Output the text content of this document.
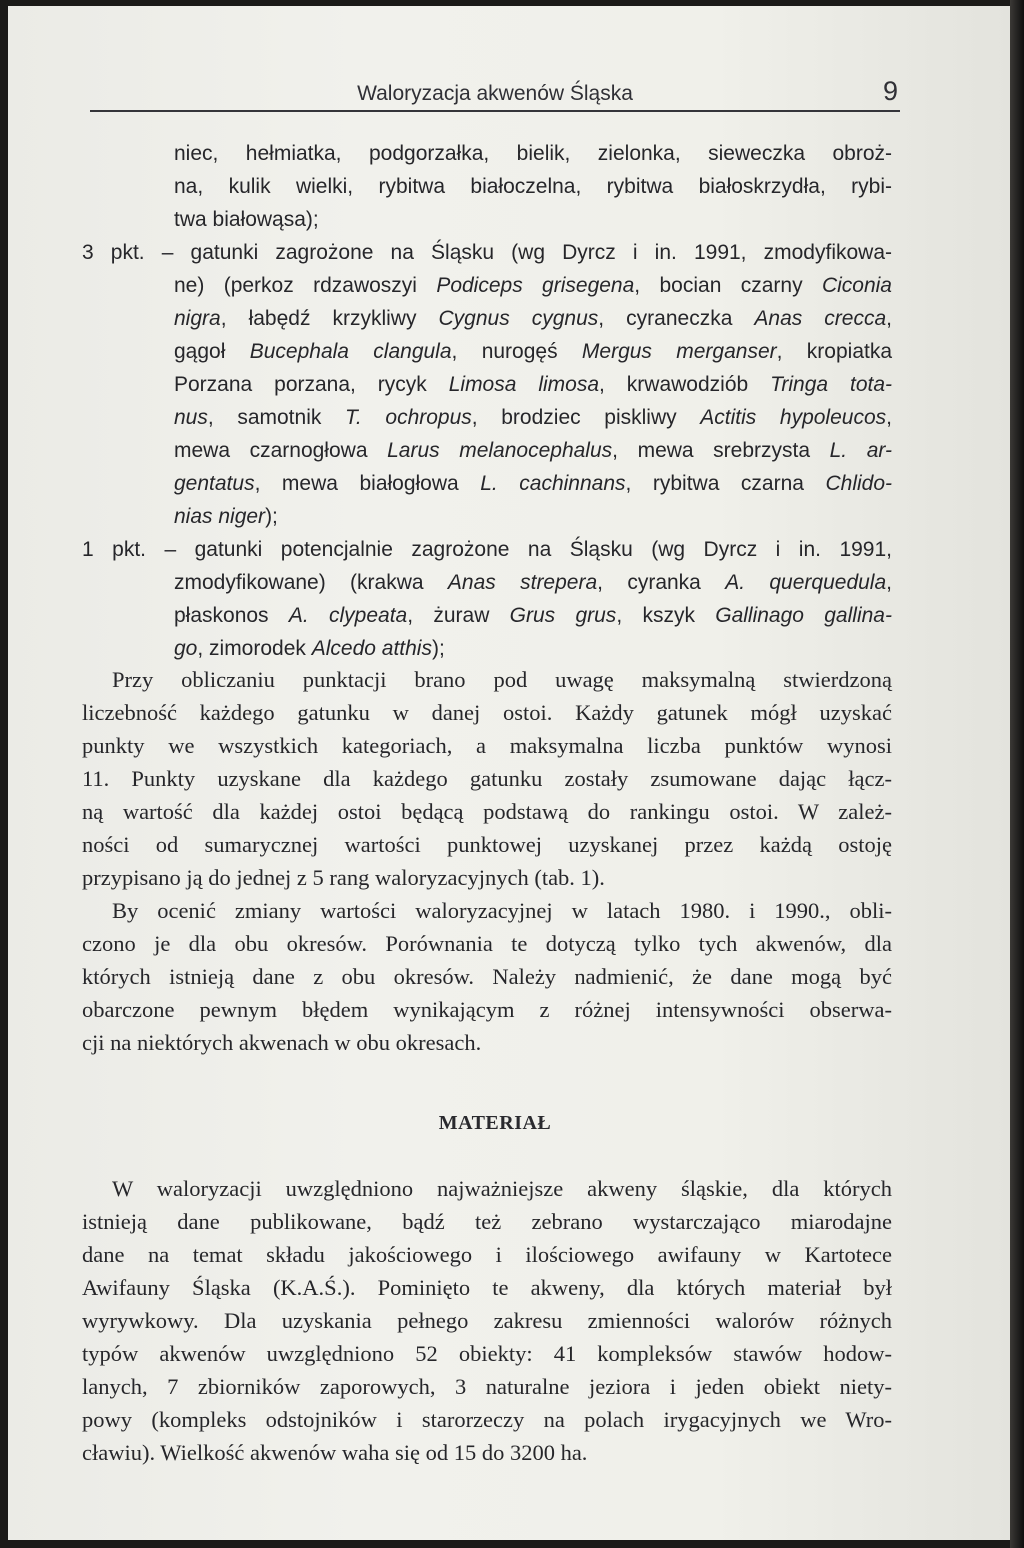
Waloryzacja akwenów Śląska	9
MATERIAŁ
niec, hełmiatka, podgorzałka, bielik, zielonka, sieweczka obroż-
na, kulik wielki, rybitwa białoczelna, rybitwa białoskrzydła, rybi-
twa białowąsa);
3 pkt. – gatunki zagrożone na Śląsku (wg Dyrcz i in. 1991, zmodyfikowa-
ne) (perkoz rdzawoszyi Podiceps grisegena, bocian czarny Ciconia
nigra, łabędź krzykliwy Cygnus cygnus, cyraneczka Anas crecca,
gągoł Bucephala clangula, nurogęś Mergus merganser, kropiatka
Porzana porzana, rycyk Limosa limosa, krwawodziób Tringa tota-
nus, samotnik T. ochropus, brodziec piskliwy Actitis hypoleucos,
mewa czarnogłowa Larus melanocephalus, mewa srebrzysta L. ar-
gentatus, mewa białogłowa L. cachinnans, rybitwa czarna Chlido-
nias niger);
1 pkt. – gatunki potencjalnie zagrożone na Śląsku (wg Dyrcz i in. 1991,
zmodyfikowane) (krakwa Anas strepera, cyranka A. querquedula,
płaskonos A. clypeata, żuraw Grus grus, kszyk Gallinago gallina-
go, zimorodek Alcedo atthis);
Przy obliczaniu punktacji brano pod uwagę maksymalną stwierdzoną
liczebność każdego gatunku w danej ostoi. Każdy gatunek mógł uzyskać
punkty we wszystkich kategoriach, a maksymalna liczba punktów wynosi
11. Punkty uzyskane dla każdego gatunku zostały zsumowane dając łącz-
ną wartość dla każdej ostoi będącą podstawą do rankingu ostoi. W zależ-
ności od sumarycznej wartości punktowej uzyskanej przez każdą ostoję
przypisano ją do jednej z 5 rang waloryzacyjnych (tab. 1).
By ocenić zmiany wartości waloryzacyjnej w latach 1980. i 1990., obli-
czono je dla obu okresów. Porównania te dotyczą tylko tych akwenów, dla
których istnieją dane z obu okresów. Należy nadmienić, że dane mogą być
obarczone pewnym błędem wynikającym z różnej intensywności obserwa-
cji na niektórych akwenach w obu okresach.
W waloryzacji uwzględniono najważniejsze akweny śląskie, dla których
istnieją dane publikowane, bądź też zebrano wystarczająco miarodajne
dane na temat składu jakościowego i ilościowego awifauny w Kartotece
Awifauny Śląska (K.A.Ś.). Pominięto te akweny, dla których materiał był
wyrywkowy. Dla uzyskania pełnego zakresu zmienności walorów różnych
typów akwenów uwzględniono 52 obiekty: 41 kompleksów stawów hodow-
lanych, 7 zbiorników zaporowych, 3 naturalne jeziora i jeden obiekt niety-
powy (kompleks odstojników i starorzeczy na polach irygacyjnych we Wro-
cławiu). Wielkość akwenów waha się od 15 do 3200 ha.
